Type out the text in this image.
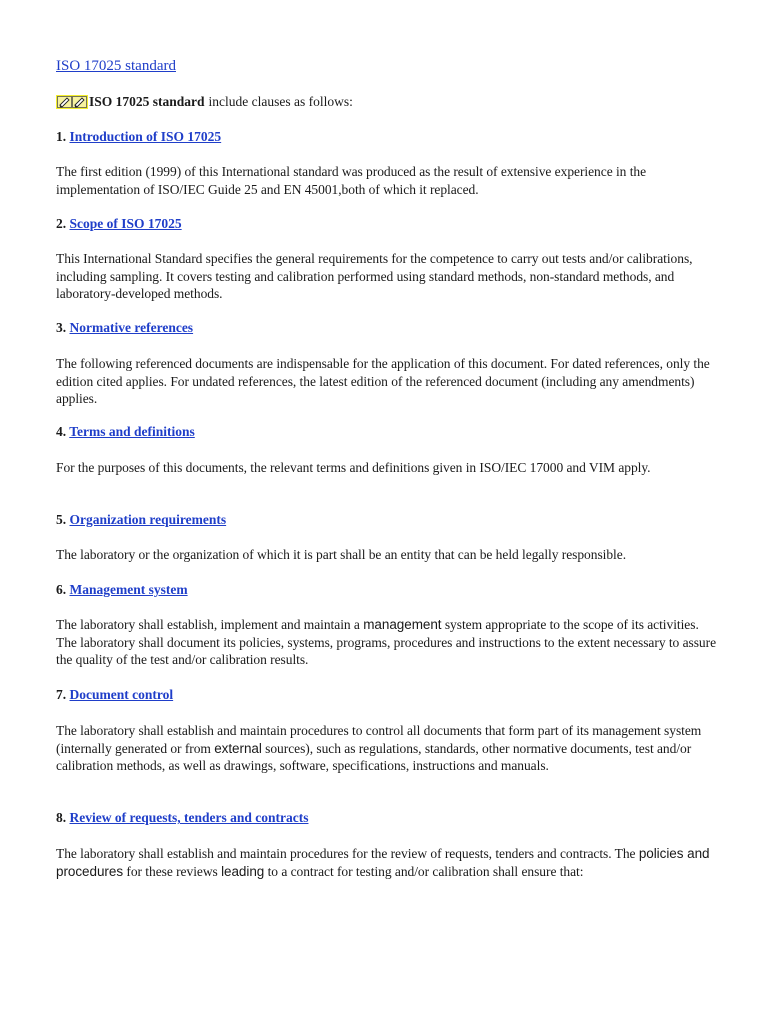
ISO 17025 standard
ISO 17025 standard include clauses as follows:

1. Introduction of ISO 17025

The first edition (1999) of this International standard was produced as the result of extensive experience in the implementation of ISO/IEC Guide 25 and EN 45001,both of which it replaced.

2. Scope of ISO 17025

This International Standard specifies the general requirements for the competence to carry out tests and/or calibrations, including sampling. It covers testing and calibration performed using standard methods, non-standard methods, and laboratory-developed methods.

3. Normative references

The following referenced documents are indispensable for the application of this document. For dated references, only the edition cited applies. For undated references, the latest edition of the referenced document (including any amendments) applies.

4. Terms and definitions

For the purposes of this documents, the relevant terms and definitions given in ISO/IEC 17000 and VIM apply.

5. Organization requirements

The laboratory or the organization of which it is part shall be an entity that can be held legally responsible.

6. Management system

The laboratory shall establish, implement and maintain a management system appropriate to the scope of its activities. The laboratory shall document its policies, systems, programs, procedures and instructions to the extent necessary to assure the quality of the test and/or calibration results.

7. Document control

The laboratory shall establish and maintain procedures to control all documents that form part of its management system (internally generated or from external sources), such as regulations, standards, other normative documents, test and/or calibration methods, as well as drawings, software, specifications, instructions and manuals.

8. Review of requests, tenders and contracts

The laboratory shall establish and maintain procedures for the review of requests, tenders and contracts. The policies and procedures for these reviews leading to a contract for testing and/or calibration shall ensure that:
